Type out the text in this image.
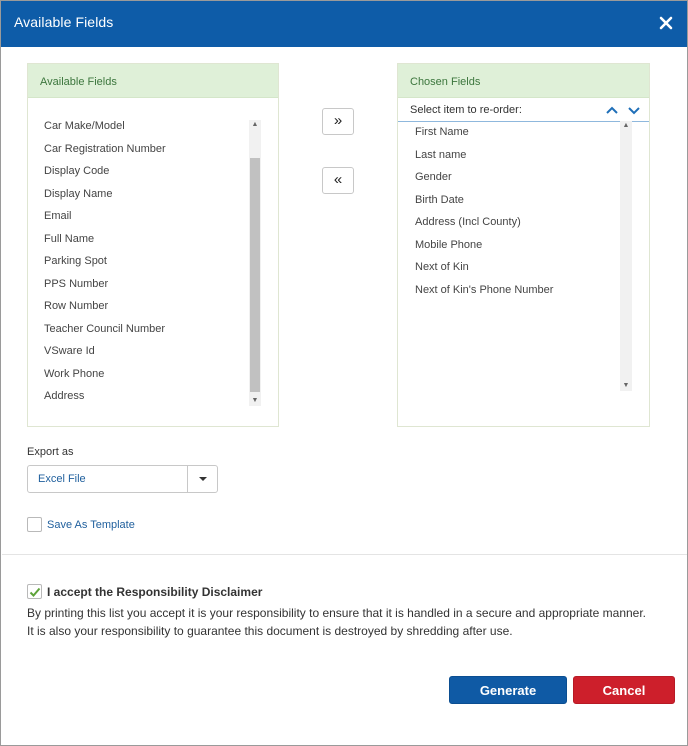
Available Fields
Available Fields
Car Make/Model
Car Registration Number
Display Code
Display Name
Email
Full Name
Parking Spot
PPS Number
Row Number
Teacher Council Number
VSware Id
Work Phone
Address
▲
▼
»
«
Chosen Fields
Select item to re-order:
First Name
Last name
Gender
Birth Date
Address (Incl County)
Mobile Phone
Next of Kin
Next of Kin's Phone Number
▲
▼
Export as
Excel File
Save As Template
I accept the Responsibility Disclaimer
By printing this list you accept it is your responsibility to ensure that it is handled in a secure and appropriate manner. It is also your responsibility to guarantee this document is destroyed by shredding after use.
Generate	Cancel
